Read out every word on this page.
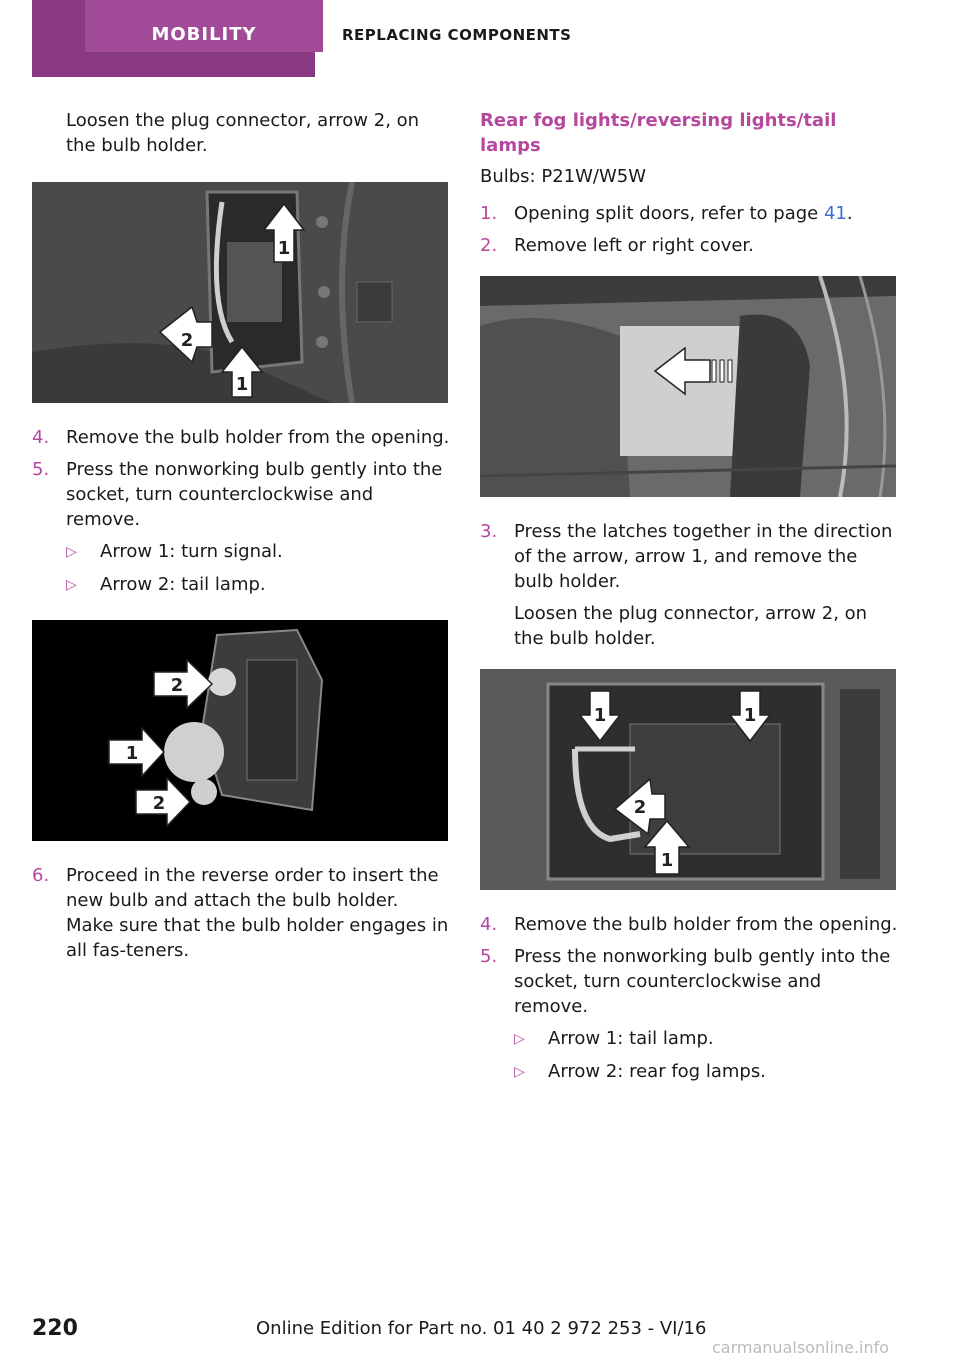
MOBILITY	REPLACING COMPONENTS

Loosen the plug connector, arrow 2, on the bulb holder.

1
2
1
4. Remove the bulb holder from the opening.
5. Press the nonworking bulb gently into the socket, turn counterclockwise and remove.
▷	Arrow 1: turn signal.
▷	Arrow 2: tail lamp.
2
1
2
6. Proceed in the reverse order to insert the new bulb and attach the bulb holder. Make sure that the bulb holder engages in all fas‐teners.
Rear fog lights/reversing lights/tail lamps

Bulbs: P21W/W5W

1. Opening split doors, refer to page 41.
2. Remove left or right cover.
3. Press the latches together in the direction of the arrow, arrow 1, and remove the bulb holder.

Loosen the plug connector, arrow 2, on the bulb holder.

1	1
2
1
4. Remove the bulb holder from the opening.
5. Press the nonworking bulb gently into the socket, turn counterclockwise and remove.
▷	Arrow 1: tail lamp.
▷	Arrow 2: rear fog lamps.
220	Online Edition for Part no. 01 40 2 972 253 - VI/16
carmanualsonline.info
